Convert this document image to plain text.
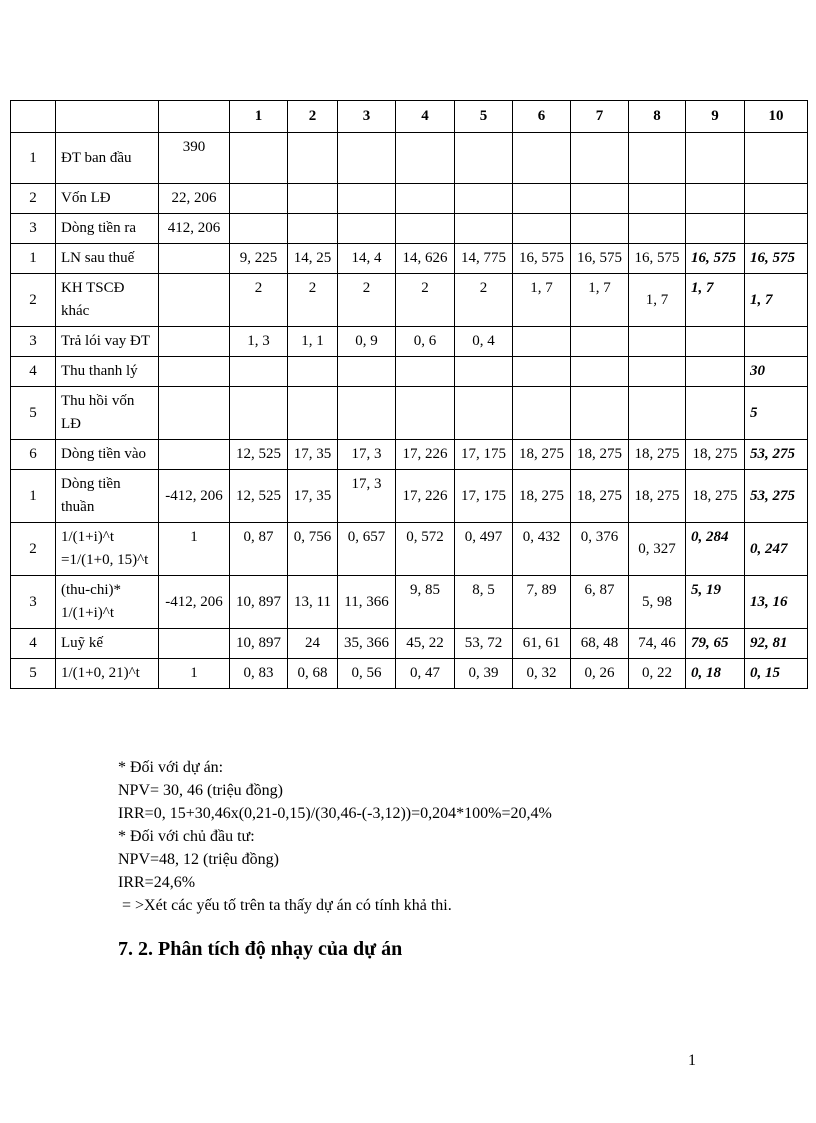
			1	2	3	4	5	6	7	8	9	10
1	ĐT ban đầu	390										
2	Vốn LĐ	22, 206										
3	Dòng tiền ra	412, 206										
1	LN sau thuế		9, 225	14, 25	14, 4	14, 626	14, 775	16, 575	16, 575	16, 575	16, 575	16, 575
2	KH TSCĐ khác		2	2	2	2	2	1, 7	1, 7	1, 7	1, 7	1, 7
3	Trả lói vay ĐT		1, 3	1, 1	0, 9	0, 6	0, 4					
4	Thu thanh lý											30
5	Thu hồi vốn LĐ											5
6	Dòng tiền vào		12, 525	17, 35	17, 3	17, 226	17, 175	18, 275	18, 275	18, 275	18, 275	53, 275
1	Dòng tiền thuần	-412, 206	12, 525	17, 35	17, 3	17, 226	17, 175	18, 275	18, 275	18, 275	18, 275	53, 275
2	1/(1+i)^t =1/(1+0, 15)^t	1	0, 87	0, 756	0, 657	0, 572	0, 497	0, 432	0, 376	0, 327	0, 284	0, 247
3	(thu-chi)* 1/(1+i)^t	-412, 206	10, 897	13, 11	11, 366	9, 85	8, 5	7, 89	6, 87	5, 98	5, 19	13, 16
4	Luỹ kế		10, 897	24	35, 366	45, 22	53, 72	61, 61	68, 48	74, 46	79, 65	92, 81
5	1/(1+0, 21)^t	1	0, 83	0, 68	0, 56	0, 47	0, 39	0, 32	0, 26	0, 22	0, 18	0, 15

* Đối với dự án:

NPV= 30, 46 (triệu đồng)

IRR=0, 15+30,46x(0,21-0,15)/(30,46-(-3,12))=0,204*100%=20,4%

* Đối với chủ đầu tư:

NPV=48, 12 (triệu đồng)

IRR=24,6%

= >Xét các yếu tố trên ta thấy dự án có tính khả thi.

7. 2. Phân tích độ nhạy của dự án
1
